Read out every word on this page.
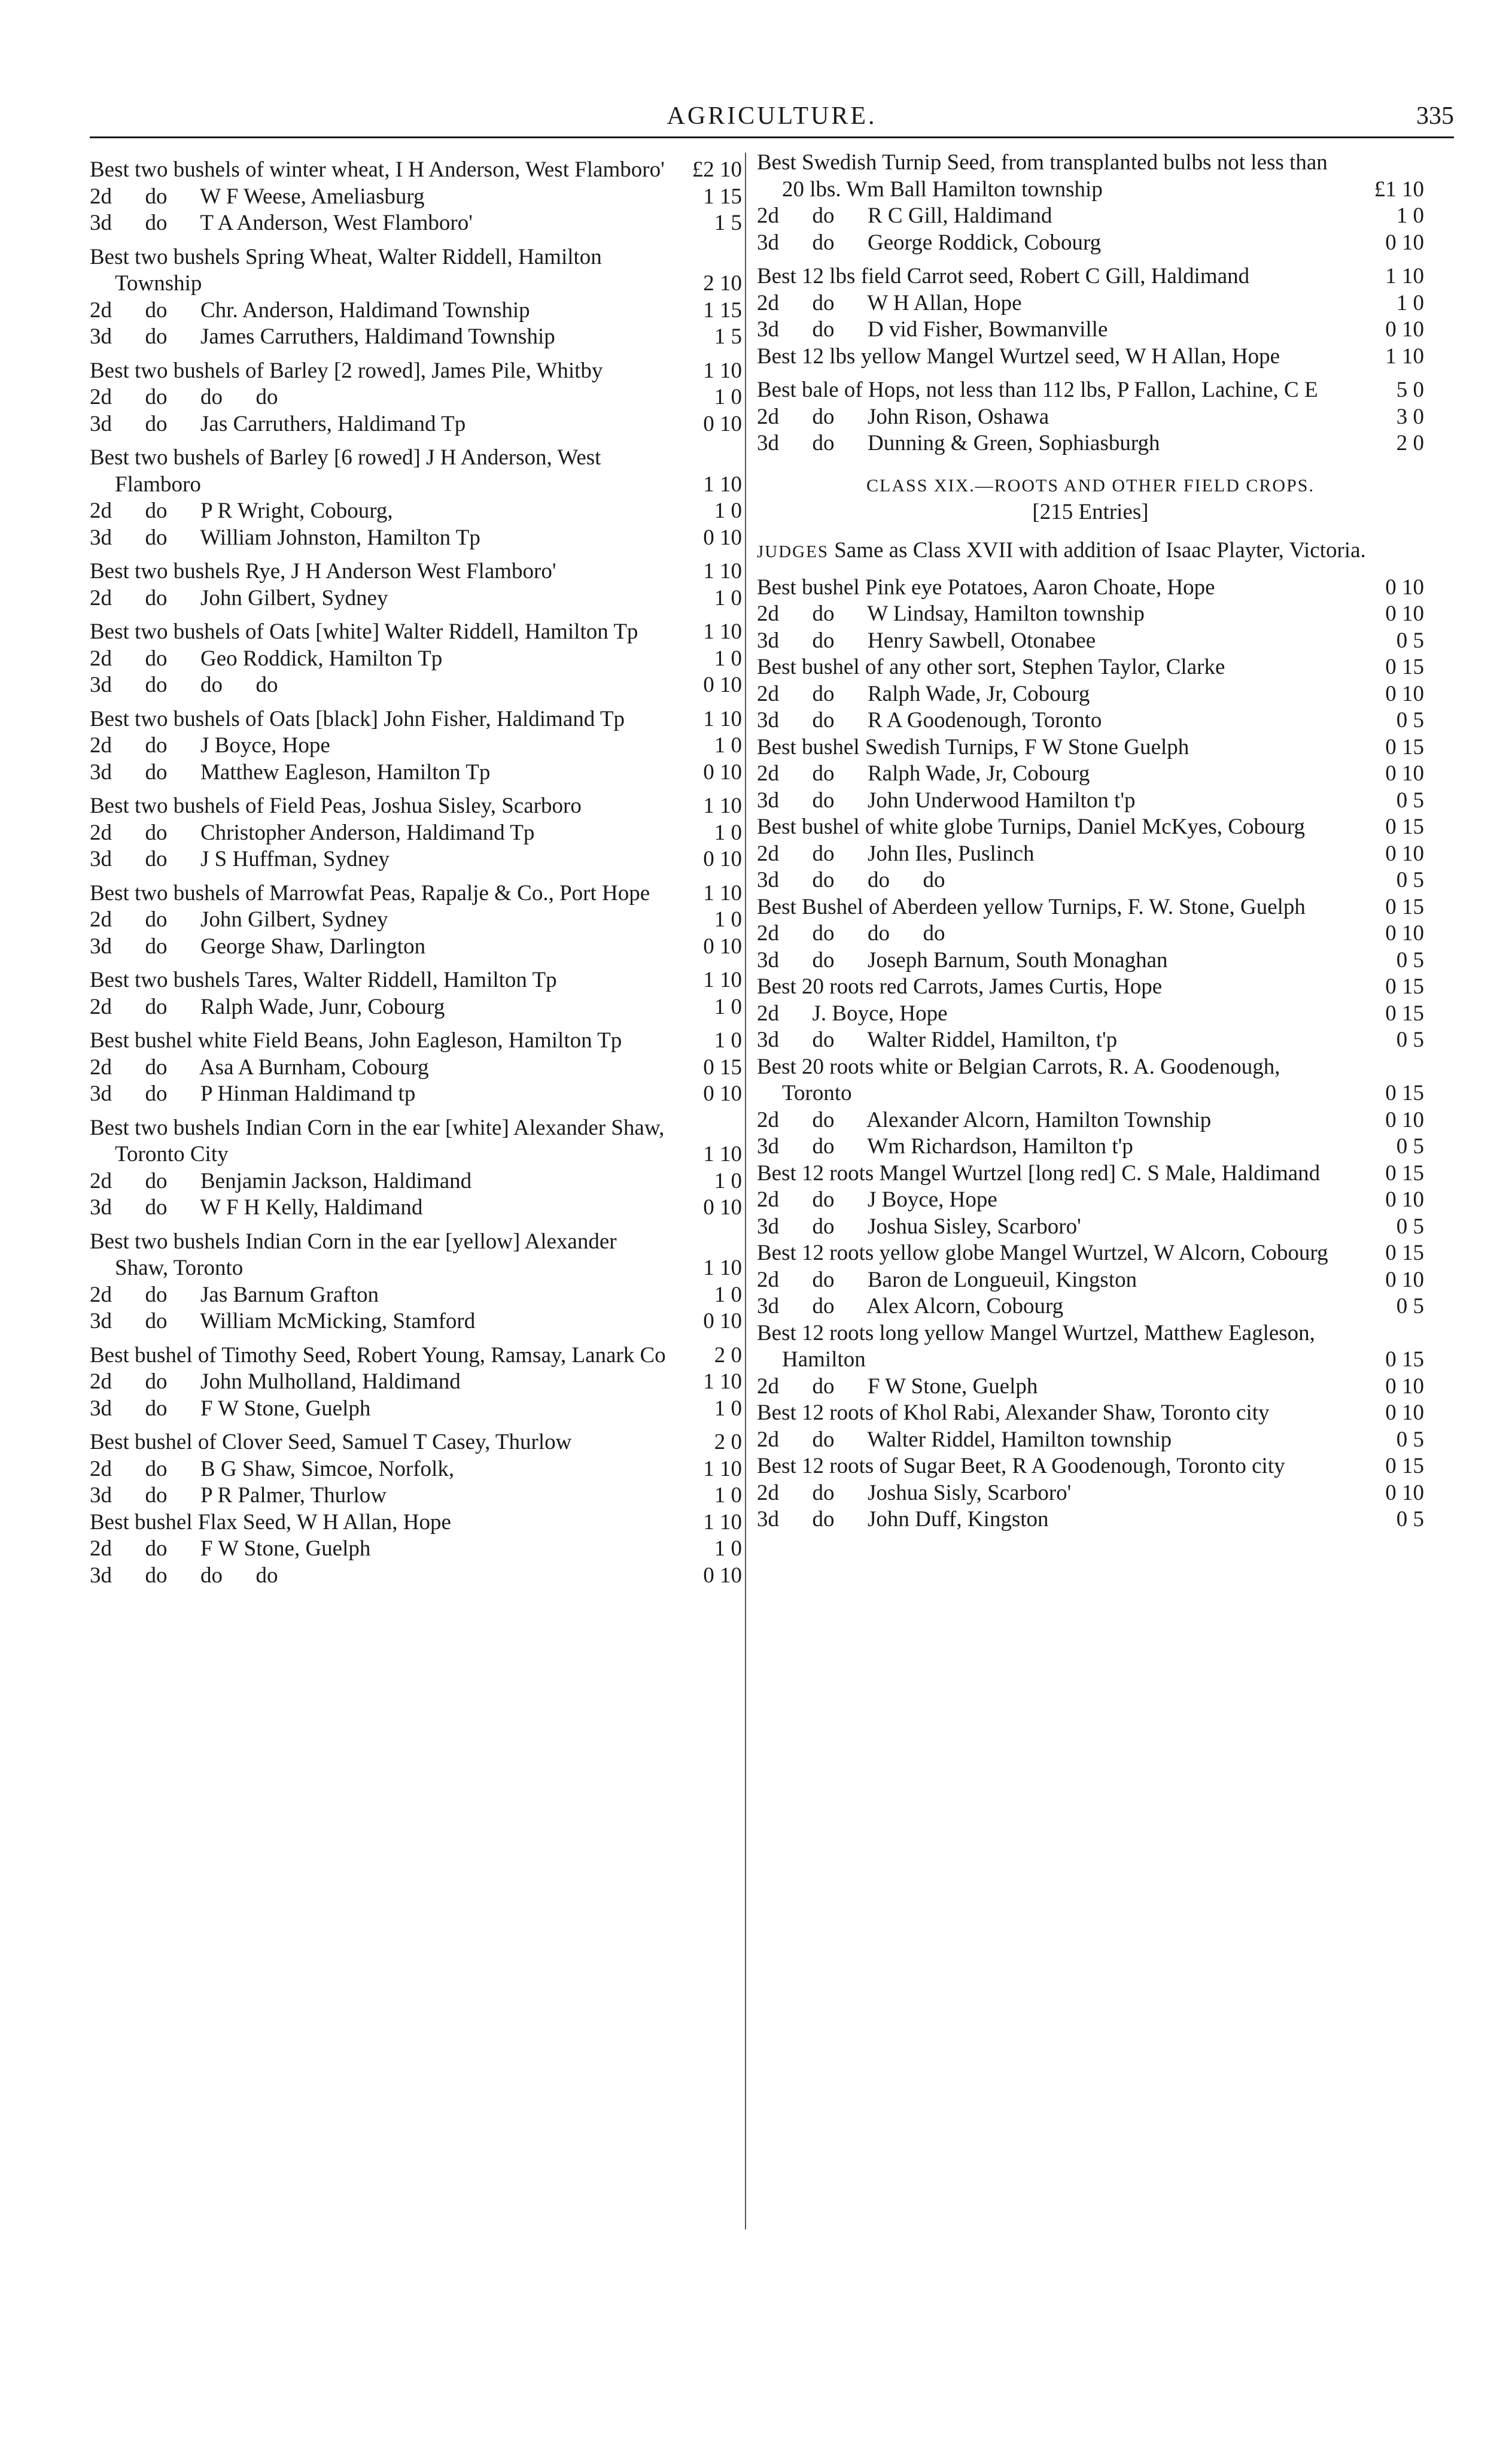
AGRICULTURE.	335
Best two bushels of winter wheat, I H Anderson, West Flamboro'	£2 10
2d      do      W F Weese, Ameliasburg	1 15
3d      do      T A Anderson, West Flamboro'	1 5
Best two bushels Spring Wheat, Walter Riddell, Hamilton Township	2 10
2d      do      Chr. Anderson, Haldimand Township	1 15
3d      do      James Carruthers, Haldimand Township	1 5
Best two bushels of Barley [2 rowed], James Pile, Whitby	1 10
2d      do      do      do	1 0
3d      do      Jas Carruthers, Haldimand Tp	0 10
Best two bushels of Barley [6 rowed] J H Anderson, West Flamboro	1 10
2d      do      P R Wright, Cobourg,	1 0
3d      do      William Johnston, Hamilton Tp	0 10
Best two bushels Rye, J H Anderson West Flamboro'	1 10
2d      do      John Gilbert, Sydney	1 0
Best two bushels of Oats [white] Walter Riddell, Hamilton Tp	1 10
2d      do      Geo Roddick, Hamilton Tp	1 0
3d      do      do      do	0 10
Best two bushels of Oats [black] John Fisher, Haldimand Tp	1 10
2d      do      J Boyce, Hope	1 0
3d      do      Matthew Eagleson, Hamilton Tp	0 10
Best two bushels of Field Peas, Joshua Sisley, Scarboro	1 10
2d      do      Christopher Anderson, Haldimand Tp	1 0
3d      do      J S Huffman, Sydney	0 10
Best two bushels of Marrowfat Peas, Rapalje & Co., Port Hope	1 10
2d      do      John Gilbert, Sydney	1 0
3d      do      George Shaw, Darlington	0 10
Best two bushels Tares, Walter Riddell, Hamilton Tp	1 10
2d      do      Ralph Wade, Junr, Cobourg	1 0
Best bushel white Field Beans, John Eagleson, Hamilton Tp	1 0
2d      do      Asa A Burnham, Cobourg	0 15
3d      do      P Hinman Haldimand tp	0 10
Best two bushels Indian Corn in the ear [white] Alexander Shaw, Toronto City	1 10
2d      do      Benjamin Jackson, Haldimand	1 0
3d      do      W F H Kelly, Haldimand	0 10
Best two bushels Indian Corn in the ear [yellow] Alexander Shaw, Toronto	1 10
2d      do      Jas Barnum Grafton	1 0
3d      do      William McMicking, Stamford	0 10
Best bushel of Timothy Seed, Robert Young, Ramsay, Lanark Co	2 0
2d      do      John Mulholland, Haldimand	1 10
3d      do      F W Stone, Guelph	1 0
Best bushel of Clover Seed, Samuel T Casey, Thurlow	2 0
2d      do      B G Shaw, Simcoe, Norfolk,	1 10
3d      do      P R Palmer, Thurlow	1 0
Best bushel Flax Seed, W H Allan, Hope	1 10
2d      do      F W Stone, Guelph	1 0
3d      do      do      do	0 10
Best Swedish Turnip Seed, from transplanted bulbs not less than 20 lbs. Wm Ball Hamilton township	£1 10
2d      do      R C Gill, Haldimand	1 0
3d      do      George Roddick, Cobourg	0 10
Best 12 lbs field Carrot seed, Robert C Gill, Haldimand	1 10
2d      do      W H Allan, Hope	1 0
3d      do      D vid Fisher, Bowmanville	0 10
Best 12 lbs yellow Mangel Wurtzel seed, W H Allan, Hope	1 10
Best bale of Hops, not less than 112 lbs, P Fallon, Lachine, C E	5 0
2d      do      John Rison, Oshawa	3 0
3d      do      Dunning & Green, Sophiasburgh	2 0
CLASS XIX.—ROOTS AND OTHER FIELD CROPS.
[215 Entries]
JUDGES Same as Class XVII with addition of Isaac Playter, Victoria.
Best bushel Pink eye Potatoes, Aaron Choate, Hope	0 10
2d      do      W Lindsay, Hamilton township	0 10
3d      do      Henry Sawbell, Otonabee	0 5
Best bushel of any other sort, Stephen Taylor, Clarke	0 15
2d      do      Ralph Wade, Jr, Cobourg	0 10
3d      do      R A Goodenough, Toronto	0 5
Best bushel Swedish Turnips, F W Stone Guelph	0 15
2d      do      Ralph Wade, Jr, Cobourg	0 10
3d      do      John Underwood Hamilton t'p	0 5
Best bushel of white globe Turnips, Daniel McKyes, Cobourg	0 15
2d      do      John Iles, Puslinch	0 10
3d      do      do      do	0 5
Best Bushel of Aberdeen yellow Turnips, F. W. Stone, Guelph	0 15
2d      do      do      do	0 10
3d      do      Joseph Barnum, South Monaghan	0 5
Best 20 roots red Carrots, James Curtis, Hope	0 15
2d      J. Boyce, Hope	0 15
3d      do      Walter Riddel, Hamilton, t'p	0 5
Best 20 roots white or Belgian Carrots, R. A. Goodenough, Toronto	0 15
2d      do      Alexander Alcorn, Hamilton Township	0 10
3d      do      Wm Richardson, Hamilton t'p	0 5
Best 12 roots Mangel Wurtzel [long red] C. S Male, Haldimand	0 15
2d      do      J Boyce, Hope	0 10
3d      do      Joshua Sisley, Scarboro'	0 5
Best 12 roots yellow globe Mangel Wurtzel, W Alcorn, Cobourg	0 15
2d      do      Baron de Longueuil, Kingston	0 10
3d      do      Alex Alcorn, Cobourg	0 5
Best 12 roots long yellow Mangel Wurtzel, Matthew Eagleson, Hamilton	0 15
2d      do      F W Stone, Guelph	0 10
Best 12 roots of Khol Rabi, Alexander Shaw, Toronto city	0 10
2d      do      Walter Riddel, Hamilton township	0 5
Best 12 roots of Sugar Beet, R A Goodenough, Toronto city	0 15
2d      do      Joshua Sisly, Scarboro'	0 10
3d      do      John Duff, Kingston	0 5
